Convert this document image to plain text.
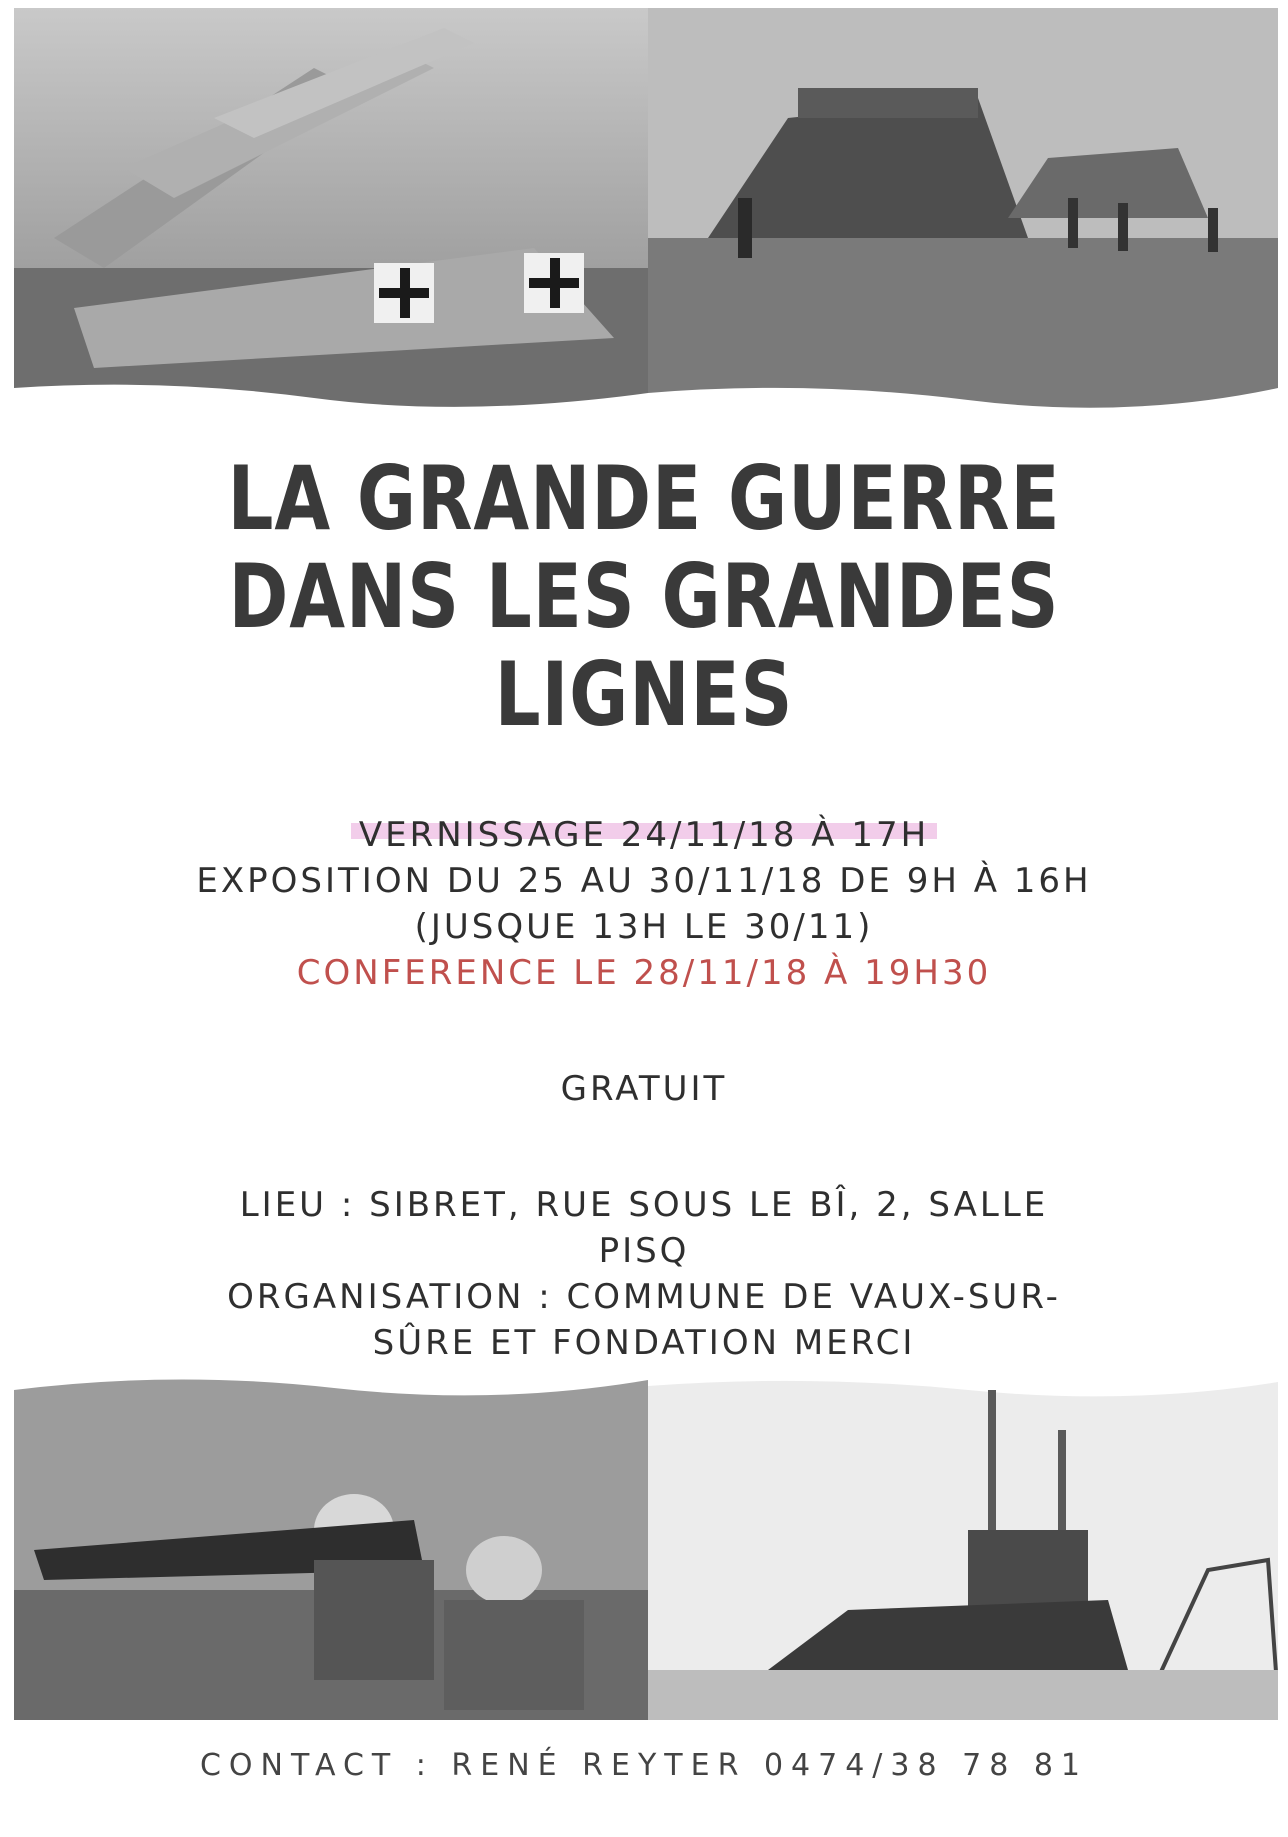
LA GRANDE GUERRE
DANS LES GRANDES
LIGNES
VERNISSAGE 24/11/18 À 17H
EXPOSITION DU 25 AU 30/11/18 DE 9H À 16H
(JUSQUE 13H LE 30/11)
CONFERENCE LE 28/11/18 À 19H30
GRATUIT
LIEU : SIBRET, RUE SOUS LE BÎ, 2, SALLE
PISQ
ORGANISATION : COMMUNE DE VAUX-SUR-
SÛRE ET FONDATION MERCI
CONTACT : RENÉ REYTER 0474/38 78 81
